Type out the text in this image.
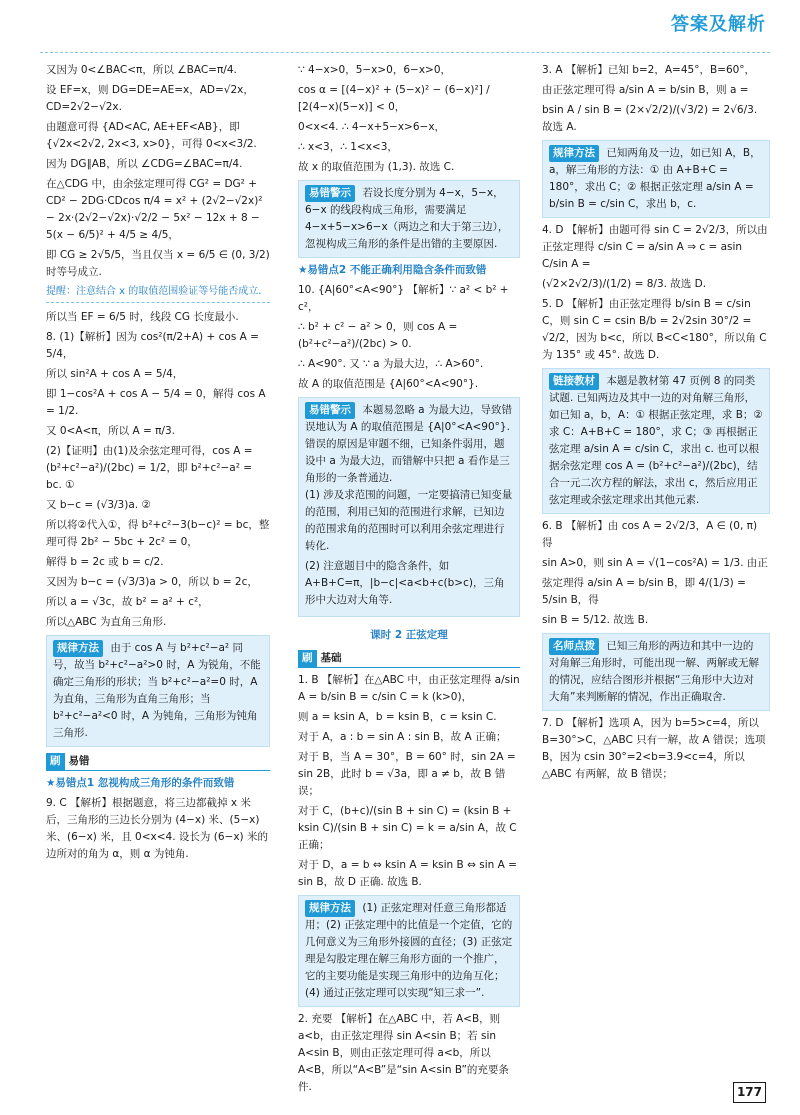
答案及解析

又因为 0<∠BAC<π，所以 ∠BAC=π/4.

设 EF=x，则 DG=DE=AE=x，AD=√2x，CD=2√2−√2x.

由题意可得 {AD<AC, AE+EF<AB}，即 {√2x<2√2, 2x<3, x>0}，可得 0<x<3/2.

因为 DG∥AB，所以 ∠CDG=∠BAC=π/4.

在△CDG 中，由余弦定理可得 CG² = DG² + CD² − 2DG·CDcos π/4 = x² + (2√2−√2x)² − 2x·(2√2−√2x)·√2/2 − 5x² − 12x + 8 − 5(x − 6/5)² + 4/5 ≥ 4/5，

即 CG ≥ 2√5/5，当且仅当 x = 6/5 ∈ (0, 3/2) 时等号成立.

提醒：注意结合 x 的取值范围验证等号能否成立.

所以当 EF = 6/5 时，线段 CG 长度最小.

8. (1)【解析】因为 cos²(π/2+A) + cos A = 5/4，

所以 sin²A + cos A = 5/4，

即 1−cos²A + cos A − 5/4 = 0，解得 cos A = 1/2.

又 0<A<π，所以 A = π/3.

(2)【证明】由(1)及余弦定理可得，cos A = (b²+c²−a²)/(2bc) = 1/2，即 b²+c²−a² = bc. ①

又 b−c = (√3/3)a. ②

所以将②代入①，得 b²+c²−3(b−c)² = bc，整理可得 2b² − 5bc + 2c² = 0，

解得 b = 2c 或 b = c/2.

又因为 b−c = (√3/3)a > 0，所以 b = 2c，

所以 a = √3c，故 b² = a² + c²，

所以△ABC 为直角三角形.

规律方法 由于 cos A 与 b²+c²−a² 同号，故当 b²+c²−a²>0 时，A 为锐角，不能确定三角形的形状；当 b²+c²−a²=0 时，A 为直角，三角形为直角三角形；当 b²+c²−a²<0 时，A 为钝角，三角形为钝角三角形.
刷 易错

★易错点1 忽视构成三角形的条件而致错

9. C 【解析】根据题意，将三边都截掉 x 米后，三角形的三边长分别为 (4−x) 米、(5−x) 米、(6−x) 米，且 0<x<4. 设长为 (6−x) 米的边所对的角为 α，则 α 为钝角.

∵ 4−x>0，5−x>0，6−x>0，

cos α = [(4−x)² + (5−x)² − (6−x)²] / [2(4−x)(5−x)] < 0，

0<x<4. ∴ 4−x+5−x>6−x，

∴ x<3，∴ 1<x<3，

故 x 的取值范围为 (1,3). 故选 C.

易错警示 若设长度分别为 4−x，5−x，6−x 的线段构成三角形，需要满足 4−x+5−x>6−x（两边之和大于第三边），忽视构成三角形的条件是出错的主要原因.

★易错点2 不能正确利用隐含条件而致错

10. {A|60°<A<90°} 【解析】∵ a² < b² + c²，

∴ b² + c² − a² > 0，则 cos A = (b²+c²−a²)/(2bc) > 0.

∴ A<90°. 又 ∵ a 为最大边，∴ A>60°.

故 A 的取值范围是 {A|60°<A<90°}.

易错警示 本题易忽略 a 为最大边，导致错误地认为 A 的取值范围是 {A|0°<A<90°}. 错误的原因是审题不细，已知条件弱用，题设中 a 为最大边，而错解中只把 a 看作是三角形的一条普通边.

(1) 涉及求范围的问题，一定要搞清已知变量的范围，利用已知的范围进行求解，已知边的范围求角的范围时可以利用余弦定理进行转化.

(2) 注意题目中的隐含条件，如 A+B+C=π，|b−c|<a<b+c(b>c)，三角形中大边对大角等.

课时 2 正弦定理
刷 基础

1. B 【解析】在△ABC 中，由正弦定理得 a/sin A = b/sin B = c/sin C = k (k>0)，

则 a = ksin A，b = ksin B，c = ksin C.

对于 A，a : b = sin A : sin B，故 A 正确；

对于 B，当 A = 30°，B = 60° 时，sin 2A = sin 2B，此时 b = √3a，即 a ≠ b，故 B 错误；

对于 C，(b+c)/(sin B + sin C) = (ksin B + ksin C)/(sin B + sin C) = k = a/sin A，故 C 正确；

对于 D，a = b ⇔ ksin A = ksin B ⇔ sin A = sin B，故 D 正确. 故选 B.

规律方法 (1) 正弦定理对任意三角形都适用；(2) 正弦定理中的比值是一个定值，它的几何意义为三角形外接圆的直径；(3) 正弦定理是勾股定理在解三角形方面的一个推广，它的主要功能是实现三角形中的边角互化；(4) 通过正弦定理可以实现“知三求一”.

2. 充要 【解析】在△ABC 中，若 A<B，则 a<b，由正弦定理得 sin A<sin B；若 sin A<sin B，则由正弦定理可得 a<b，所以 A<B，所以“A<B”是“sin A<sin B”的充要条件.

3. A 【解析】已知 b=2，A=45°，B=60°，

由正弦定理可得 a/sin A = b/sin B，则 a =

bsin A / sin B = (2×√2/2)/(√3/2) = 2√6/3. 故选 A.

规律方法 已知两角及一边，如已知 A，B，a，解三角形的方法：① 由 A+B+C = 180°，求出 C；② 根据正弦定理 a/sin A = b/sin B = c/sin C，求出 b，c.

4. D 【解析】由题可得 sin C = 2√2/3，所以由正弦定理得 c/sin C = a/sin A ⇒ c = asin C/sin A =

(√2×2√2/3)/(1/2) = 8/3. 故选 D.

5. D 【解析】由正弦定理得 b/sin B = c/sin C，则 sin C = csin B/b = 2√2sin 30°/2 = √2/2，因为 b<c，所以 B<C<180°，所以角 C 为 135° 或 45°. 故选 D.

链接教材 本题是教材第 47 页例 8 的同类试题. 已知两边及其中一边的对角解三角形，如已知 a，b，A：① 根据正弦定理，求 B；② 求 C：A+B+C = 180°，求 C；③ 再根据正弦定理 a/sin A = c/sin C，求出 c. 也可以根据余弦定理 cos A = (b²+c²−a²)/(2bc)，结合一元二次方程的解法，求出 c，然后应用正弦定理或余弦定理求出其他元素.

6. B 【解析】由 cos A = 2√2/3，A ∈ (0, π) 得

sin A>0，则 sin A = √(1−cos²A) = 1/3. 由正

弦定理得 a/sin A = b/sin B，即 4/(1/3) = 5/sin B，得

sin B = 5/12. 故选 B.

名师点拨 已知三角形的两边和其中一边的对角解三角形时，可能出现一解、两解或无解的情况，应结合图形并根据“三角形中大边对大角”来判断解的情况，作出正确取舍.

7. D 【解析】选项 A，因为 b=5>c=4，所以 B=30°>C，△ABC 只有一解，故 A 错误；选项 B，因为 csin 30°=2<b=3.9<c=4，所以△ABC 有两解，故 B 错误；

177
